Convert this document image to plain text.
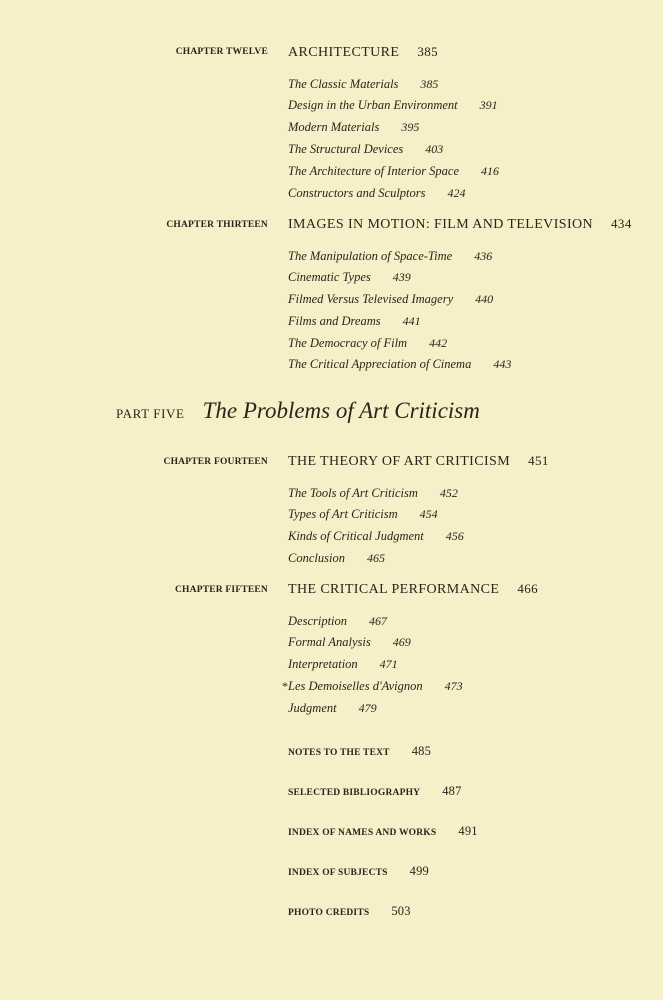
CHAPTER TWELVE ARCHITECTURE 385
The Classic Materials 385
Design in the Urban Environment 391
Modern Materials 395
The Structural Devices 403
The Architecture of Interior Space 416
Constructors and Sculptors 424
CHAPTER THIRTEEN IMAGES IN MOTION: FILM AND TELEVISION 434
The Manipulation of Space-Time 436
Cinematic Types 439
Filmed Versus Televised Imagery 440
Films and Dreams 441
The Democracy of Film 442
The Critical Appreciation of Cinema 443
PART FIVE The Problems of Art Criticism
CHAPTER FOURTEEN THE THEORY OF ART CRITICISM 451
The Tools of Art Criticism 452
Types of Art Criticism 454
Kinds of Critical Judgment 456
Conclusion 465
CHAPTER FIFTEEN THE CRITICAL PERFORMANCE 466
Description 467
Formal Analysis 469
Interpretation 471
* Les Demoiselles d'Avignon 473
Judgment 479
NOTES TO THE TEXT 485
SELECTED BIBLIOGRAPHY 487
INDEX OF NAMES AND WORKS 491
INDEX OF SUBJECTS 499
PHOTO CREDITS 503
